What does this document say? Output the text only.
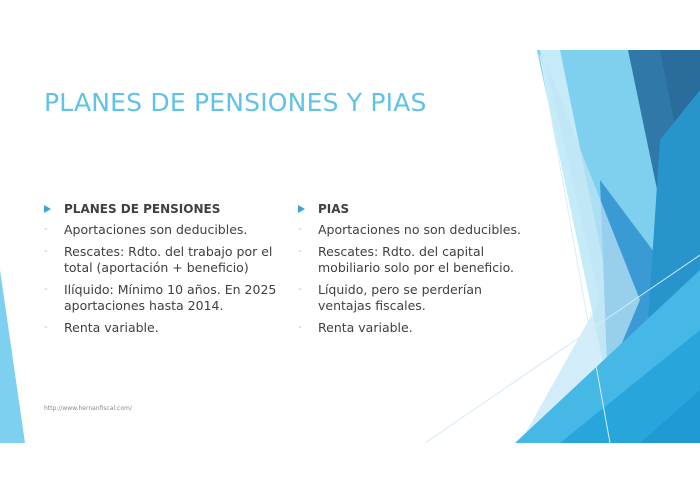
PLANES DE PENSIONES Y PIAS
PLANES DE PENSIONES
- Aportaciones son deducibles.
- Rescates: Rdto. del trabajo por el total (aportación + beneficio)
- Ilíquido: Mínimo 10 años. En 2025 aportaciones hasta 2014.
- Renta variable.
PIAS
- Aportaciones no son deducibles.
- Rescates: Rdto. del capital mobiliario solo por el beneficio.
- Líquido, pero se perderían ventajas fiscales.
- Renta variable.
http://www.hernanfiscal.com/
